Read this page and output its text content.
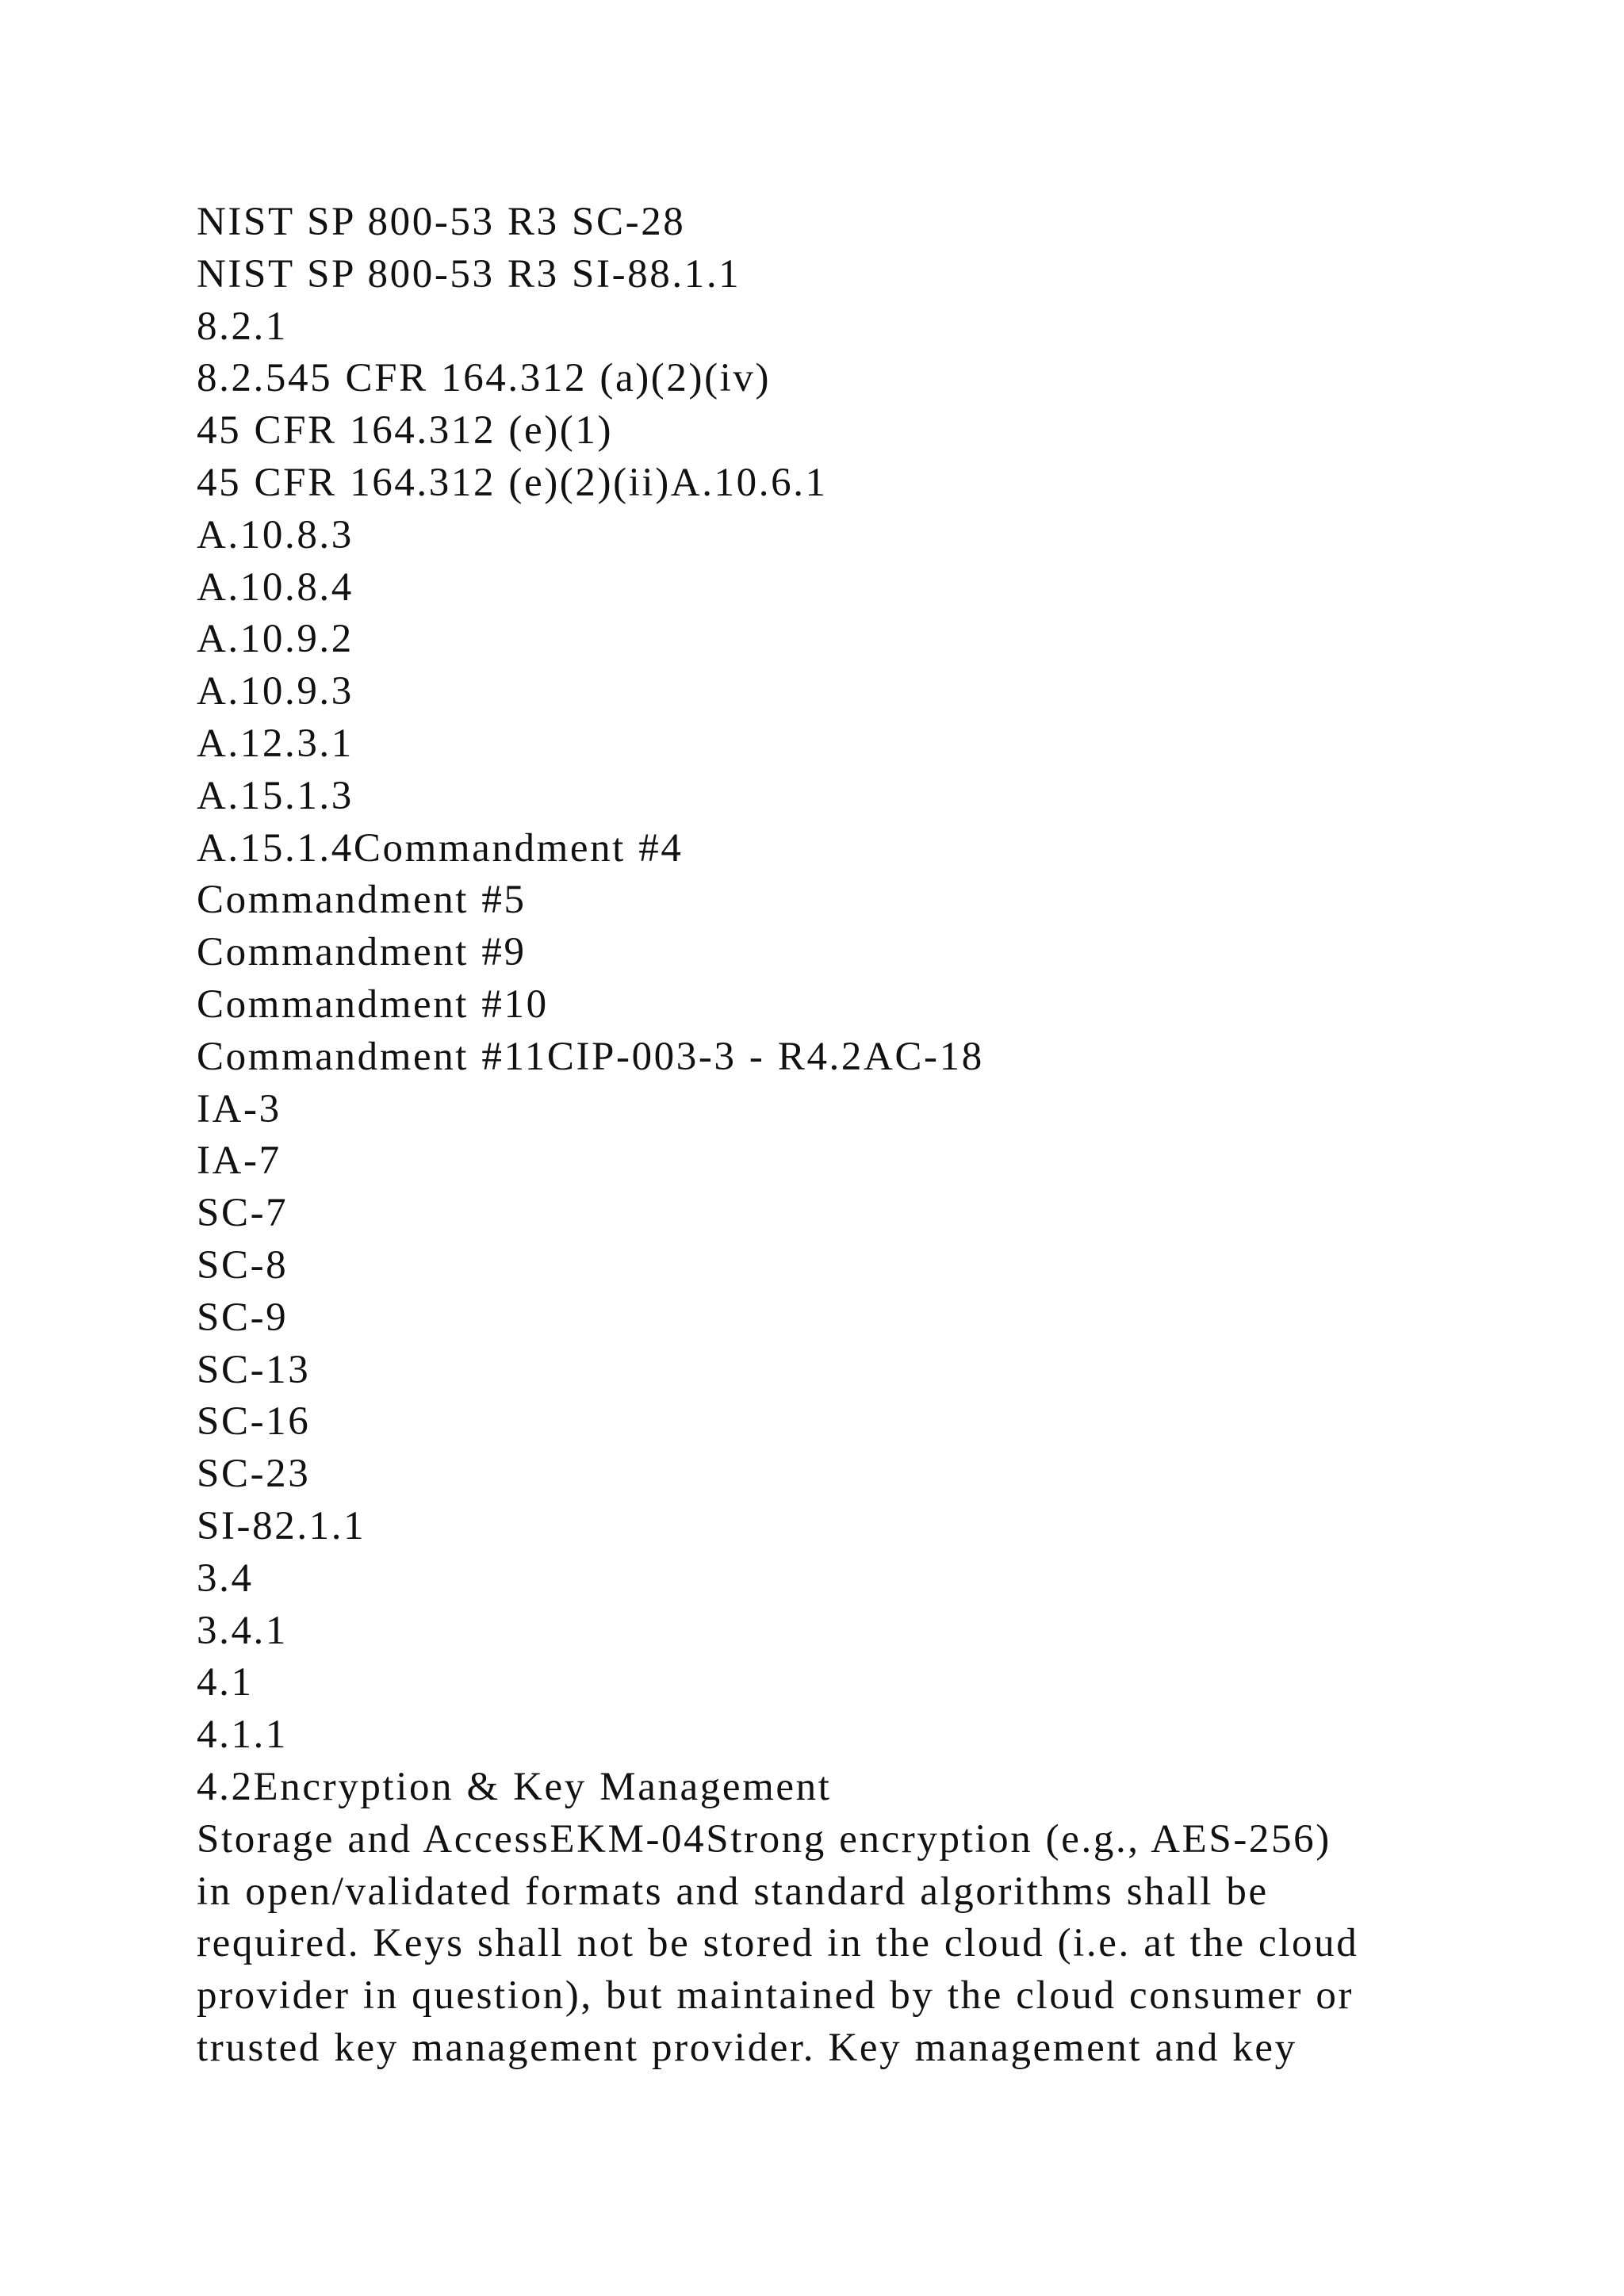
NIST SP 800-53 R3 SC-28
NIST SP 800-53 R3 SI-88.1.1
8.2.1
8.2.545 CFR 164.312 (a)(2)(iv)
45 CFR 164.312 (e)(1)
45 CFR 164.312 (e)(2)(ii)A.10.6.1
A.10.8.3
A.10.8.4
A.10.9.2
A.10.9.3
A.12.3.1
A.15.1.3
A.15.1.4Commandment #4
Commandment #5
Commandment #9
Commandment #10
Commandment #11CIP-003-3 - R4.2AC-18
IA-3
IA-7
SC-7
SC-8
SC-9
SC-13
SC-16
SC-23
SI-82.1.1
3.4
3.4.1
4.1
4.1.1
4.2Encryption & Key Management
Storage and AccessEKM-04Strong encryption (e.g., AES-256)
in open/validated formats and standard algorithms shall be
required. Keys shall not be stored in the cloud (i.e. at the cloud
provider in question), but maintained by the cloud consumer or
trusted key management provider. Key management and key
